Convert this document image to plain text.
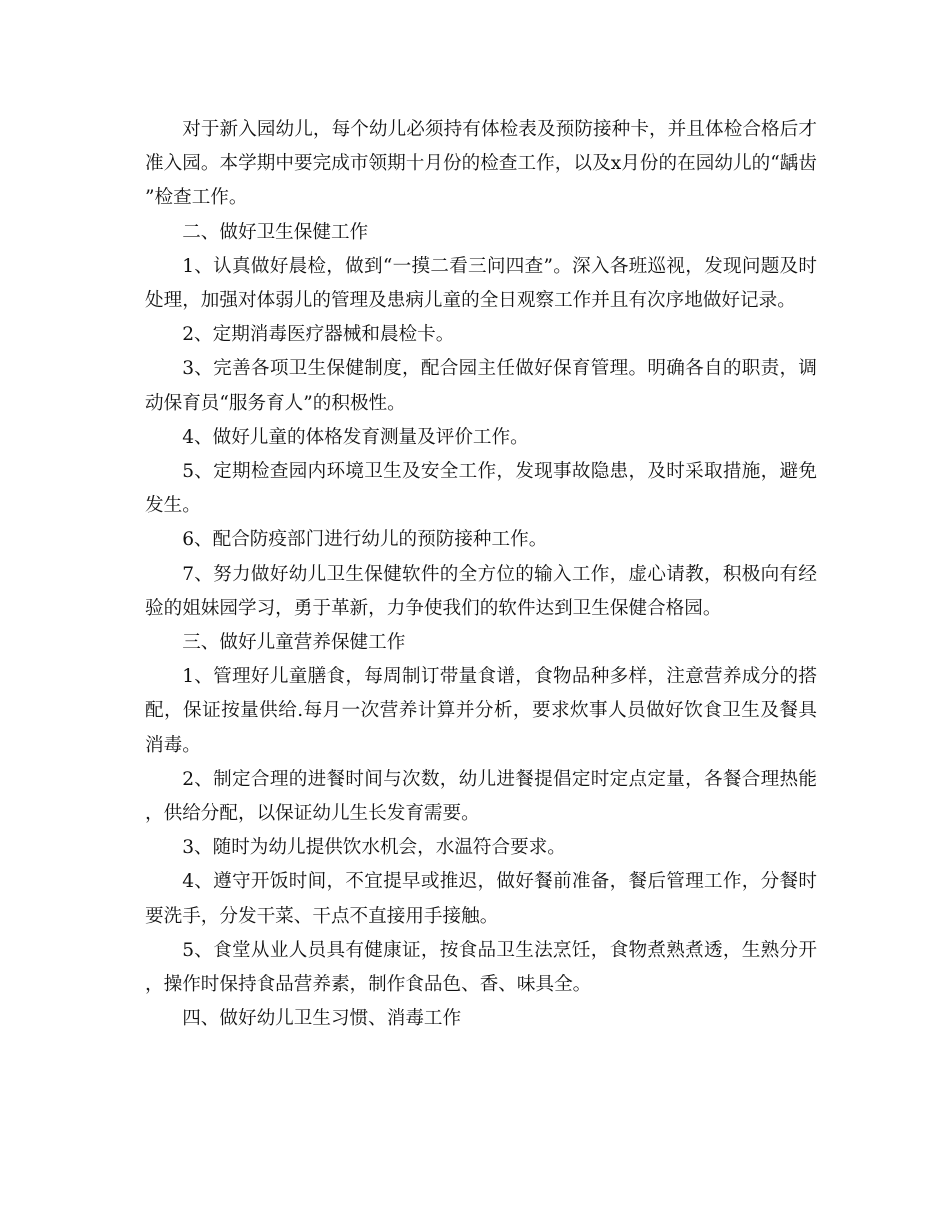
对于新入园幼儿，每个幼儿必须持有体检表及预防接种卡，并且体检合格后才准入园。本学期中要完成市领期十月份的检查工作，以及x月份的在园幼儿的“龋齿”检查工作。

二、做好卫生保健工作

1、认真做好晨检，做到“一摸二看三问四查”。深入各班巡视，发现问题及时处理，加强对体弱儿的管理及患病儿童的全日观察工作并且有次序地做好记录。

2、定期消毒医疗器械和晨检卡。

3、完善各项卫生保健制度，配合园主任做好保育管理。明确各自的职责，调动保育员“服务育人”的积极性。

4、做好儿童的体格发育测量及评价工作。

5、定期检查园内环境卫生及安全工作，发现事故隐患，及时采取措施，避免发生。

6、配合防疫部门进行幼儿的预防接种工作。

7、努力做好幼儿卫生保健软件的全方位的输入工作，虚心请教，积极向有经验的姐妹园学习，勇于革新，力争使我们的软件达到卫生保健合格园。

三、做好儿童营养保健工作

1、管理好儿童膳食，每周制订带量食谱，食物品种多样，注意营养成分的搭配，保证按量供给.每月一次营养计算并分析，要求炊事人员做好饮食卫生及餐具消毒。

2、制定合理的进餐时间与次数，幼儿进餐提倡定时定点定量，各餐合理热能，供给分配，以保证幼儿生长发育需要。

3、随时为幼儿提供饮水机会，水温符合要求。

4、遵守开饭时间，不宜提早或推迟，做好餐前准备，餐后管理工作，分餐时要洗手，分发干菜、干点不直接用手接触。

5、食堂从业人员具有健康证，按食品卫生法烹饪，食物煮熟煮透，生熟分开，操作时保持食品营养素，制作食品色、香、味具全。

四、做好幼儿卫生习惯、消毒工作
